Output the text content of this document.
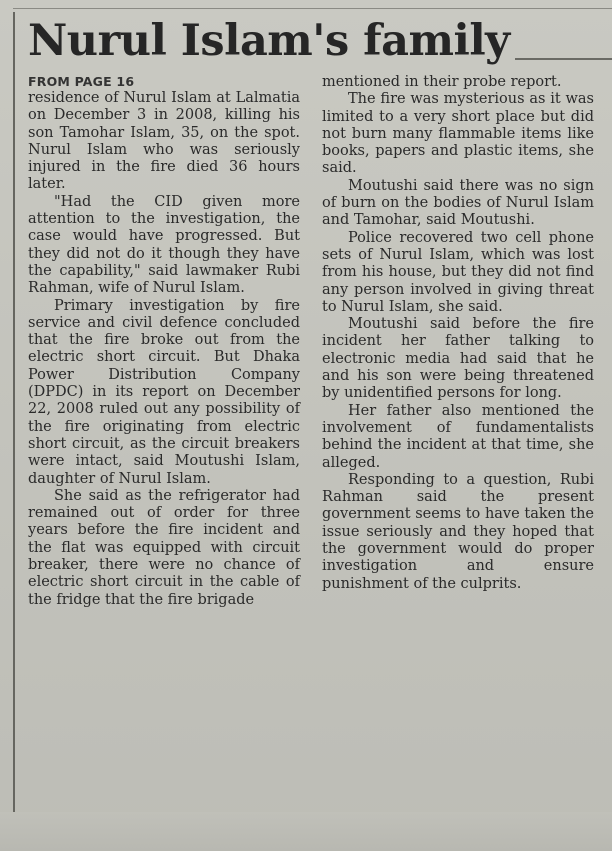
Nurul Islam's family
FROM PAGE 16

residence of Nurul Islam at Lalmatia on December 3 in 2008, killing his son Tamohar Islam, 35, on the spot. Nurul Islam who was seriously injured in the fire died 36 hours later.

"Had the CID given more attention to the investigation, the case would have progressed. But they did not do it though they have the capability," said lawmaker Rubi Rahman, wife of Nurul Islam.

Primary investigation by fire service and civil defence concluded that the fire broke out from the electric short circuit. But Dhaka Power Distribution Company (DPDC) in its report on December 22, 2008 ruled out any possibility of the fire originating from electric short circuit, as the circuit breakers were intact, said Moutushi Islam, daughter of Nurul Islam.

She said as the refrigerator had remained out of order for three years before the fire incident and the flat was equipped with circuit breaker, there were no chance of electric short circuit in the cable of the fridge that the fire brigade

mentioned in their probe report.

The fire was mysterious as it was limited to a very short place but did not burn many flammable items like books, papers and plastic items, she said.

Moutushi said there was no sign of burn on the bodies of Nurul Islam and Tamohar, said Moutushi.

Police recovered two cell phone sets of Nurul Islam, which was lost from his house, but they did not find any person involved in giving threat to Nurul Islam, she said.

Moutushi said before the fire incident her father talking to electronic media had said that he and his son were being threatened by unidentified persons for long.

Her father also mentioned the involvement of fundamentalists behind the incident at that time, she alleged.

Responding to a question, Rubi Rahman said the present government seems to have taken the issue seriously and they hoped that the government would do proper investigation and ensure punishment of the culprits.
